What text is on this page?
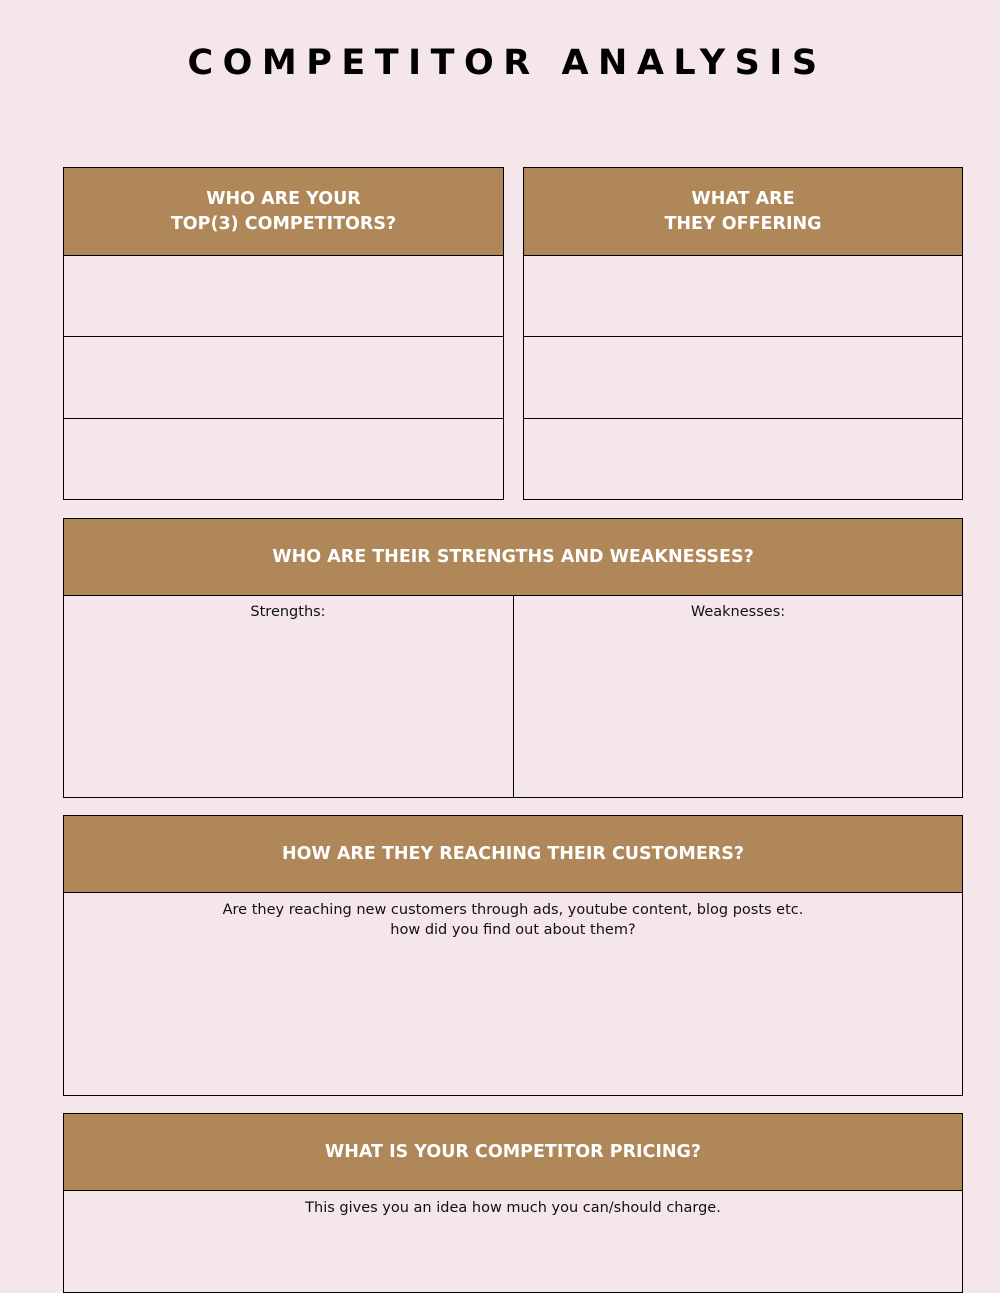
COMPETITOR ANALYSIS
WHO ARE YOUR
TOP(3) COMPETITORS?
WHAT ARE
THEY OFFERING
WHO ARE THEIR STRENGTHS AND WEAKNESSES?
Strengths:	Weaknesses:
HOW ARE THEY REACHING THEIR CUSTOMERS?
Are they reaching new customers through ads, youtube content, blog posts etc.
how did you find out about them?
WHAT IS YOUR COMPETITOR PRICING?
This gives you an idea how much you can/should charge.
